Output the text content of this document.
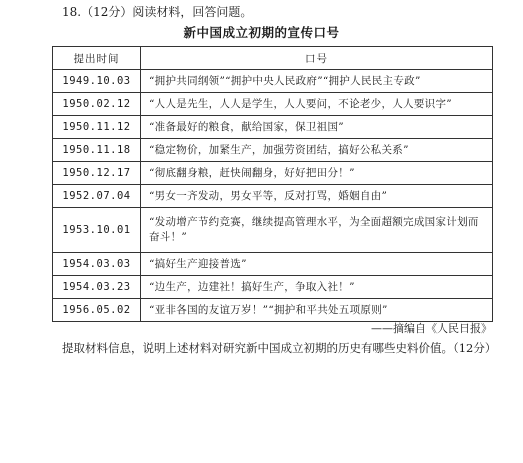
18.（12分）阅读材料，回答问题。
新中国成立初期的宣传口号
提出时间	口号
1949.10.03	“拥护共同纲领”“拥护中央人民政府”“拥护人民民主专政”
1950.02.12	“人人是先生，人人是学生，人人要问，不论老少，人人要识字”
1950.11.12	“准备最好的粮食，献给国家，保卫祖国”
1950.11.18	“稳定物价，加紧生产，加强劳资团结，搞好公私关系”
1950.12.17	“彻底翻身粮，赶快闹翻身，好好把田分！”
1952.07.04	“男女一齐发动，男女平等，反对打骂，婚姻自由”
1953.10.01	“发动增产节约竞赛，继续提高管理水平，为全面超额完成国家计划而奋斗！”
1954.03.03	“搞好生产迎接普选”
1954.03.23	“边生产，边建社！搞好生产，争取入社！”
1956.05.02	“亚非各国的友谊万岁！”“拥护和平共处五项原则”
——摘编自《人民日报》
提取材料信息，说明上述材料对研究新中国成立初期的历史有哪些史料价值。（12分）
